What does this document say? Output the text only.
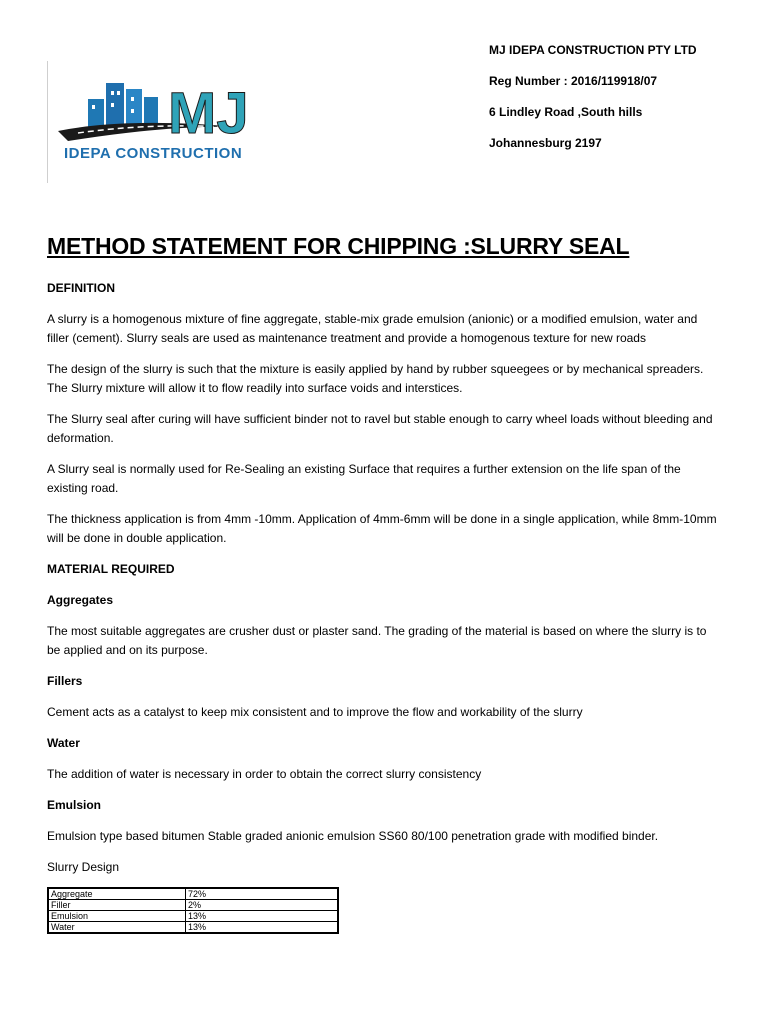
MJ
IDEPA CONSTRUCTION
MJ IDEPA CONSTRUCTION PTY LTD
Reg Number : 2016/119918/07
6 Lindley Road ,South hills
Johannesburg 2197
METHOD STATEMENT FOR CHIPPING :SLURRY SEAL

DEFINITION

A slurry is a homogenous mixture of fine aggregate, stable-mix grade emulsion (anionic) or a modified emulsion, water and filler (cement). Slurry seals are used as maintenance treatment and provide a homogenous texture for new roads

The design of the slurry is such that the mixture is easily applied by hand by rubber squeegees or by mechanical spreaders. The Slurry mixture will allow it to flow readily into surface voids and interstices.

The Slurry seal after curing will have sufficient binder not to ravel but stable enough to carry wheel loads without bleeding and deformation.

A Slurry seal is normally used for Re-Sealing an existing Surface that requires a further extension on the life span of the existing road.

The thickness application is from 4mm -10mm. Application of 4mm-6mm will be done in a single application, while 8mm-10mm will be done in double application.

MATERIAL REQUIRED

Aggregates

The most suitable aggregates are crusher dust or plaster sand. The grading of the material is based on where the slurry is to be applied and on its purpose.

Fillers

Cement acts as a catalyst to keep mix consistent and to improve the flow and workability of the slurry

Water

The addition of water is necessary in order to obtain the correct slurry consistency

Emulsion

Emulsion type based bitumen Stable graded anionic emulsion SS60 80/100 penetration grade with modified binder.

Slurry Design

Aggregate	72%
Filler	2%
Emulsion	13%
Water	13%
